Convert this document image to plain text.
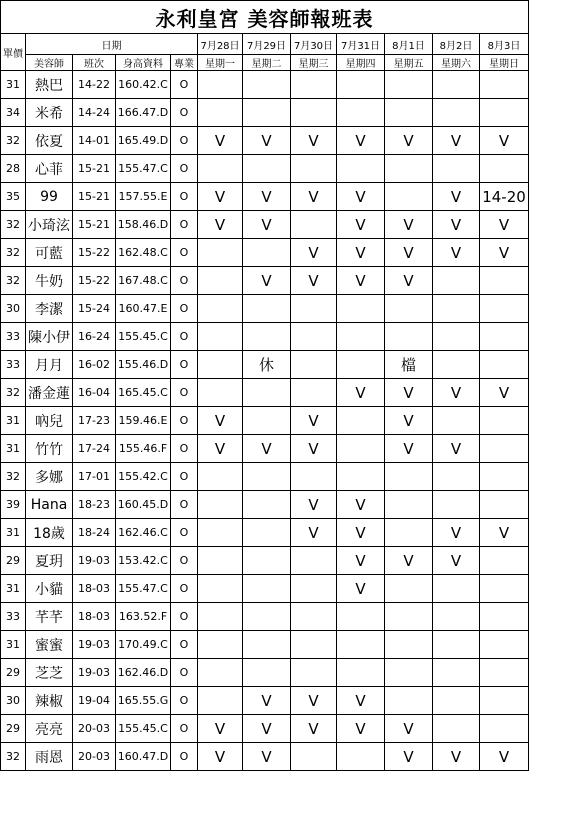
永利皇宮 美容師報班表											
單價	日期				7月28日	7月29日	7月30日	7月31日	8月1日	8月2日	8月3日
	美容師	班次	身高資料	專業	星期一	星期二	星期三	星期四	星期五	星期六	星期日
31	熱巴	14-22	160.42.C	O							
34	米希	14-24	166.47.D	O							
32	依夏	14-01	165.49.D	O	V	V	V	V	V	V	V
28	心菲	15-21	155.47.C	O							
35	99	15-21	157.55.E	O	V	V	V	V		V	14-20
32	小琦泫	15-21	158.46.D	O	V	V		V	V	V	V
32	可藍	15-22	162.48.C	O			V	V	V	V	V
32	牛奶	15-22	167.48.C	O		V	V	V	V		
30	李潔	15-24	160.47.E	O							
33	陳小伊	16-24	155.45.C	O							
33	月月	16-02	155.46.D	O		休			檔		
32	潘金蓮	16-04	165.45.C	O				V	V	V	V
31	吶兒	17-23	159.46.E	O	V		V		V		
31	竹竹	17-24	155.46.F	O	V	V	V		V	V	
32	多娜	17-01	155.42.C	O							
39	Hana	18-23	160.45.D	O			V	V			
31	18歲	18-24	162.46.C	O			V	V		V	V
29	夏玥	19-03	153.42.C	O				V	V	V	
31	小貓	18-03	155.47.C	O				V			
33	芊芊	18-03	163.52.F	O							
31	蜜蜜	19-03	170.49.C	O							
29	芝芝	19-03	162.46.D	O							
30	辣椒	19-04	165.55.G	O		V	V	V			
29	亮亮	20-03	155.45.C	O	V	V	V	V	V		
32	雨恩	20-03	160.47.D	O	V	V			V	V	V
